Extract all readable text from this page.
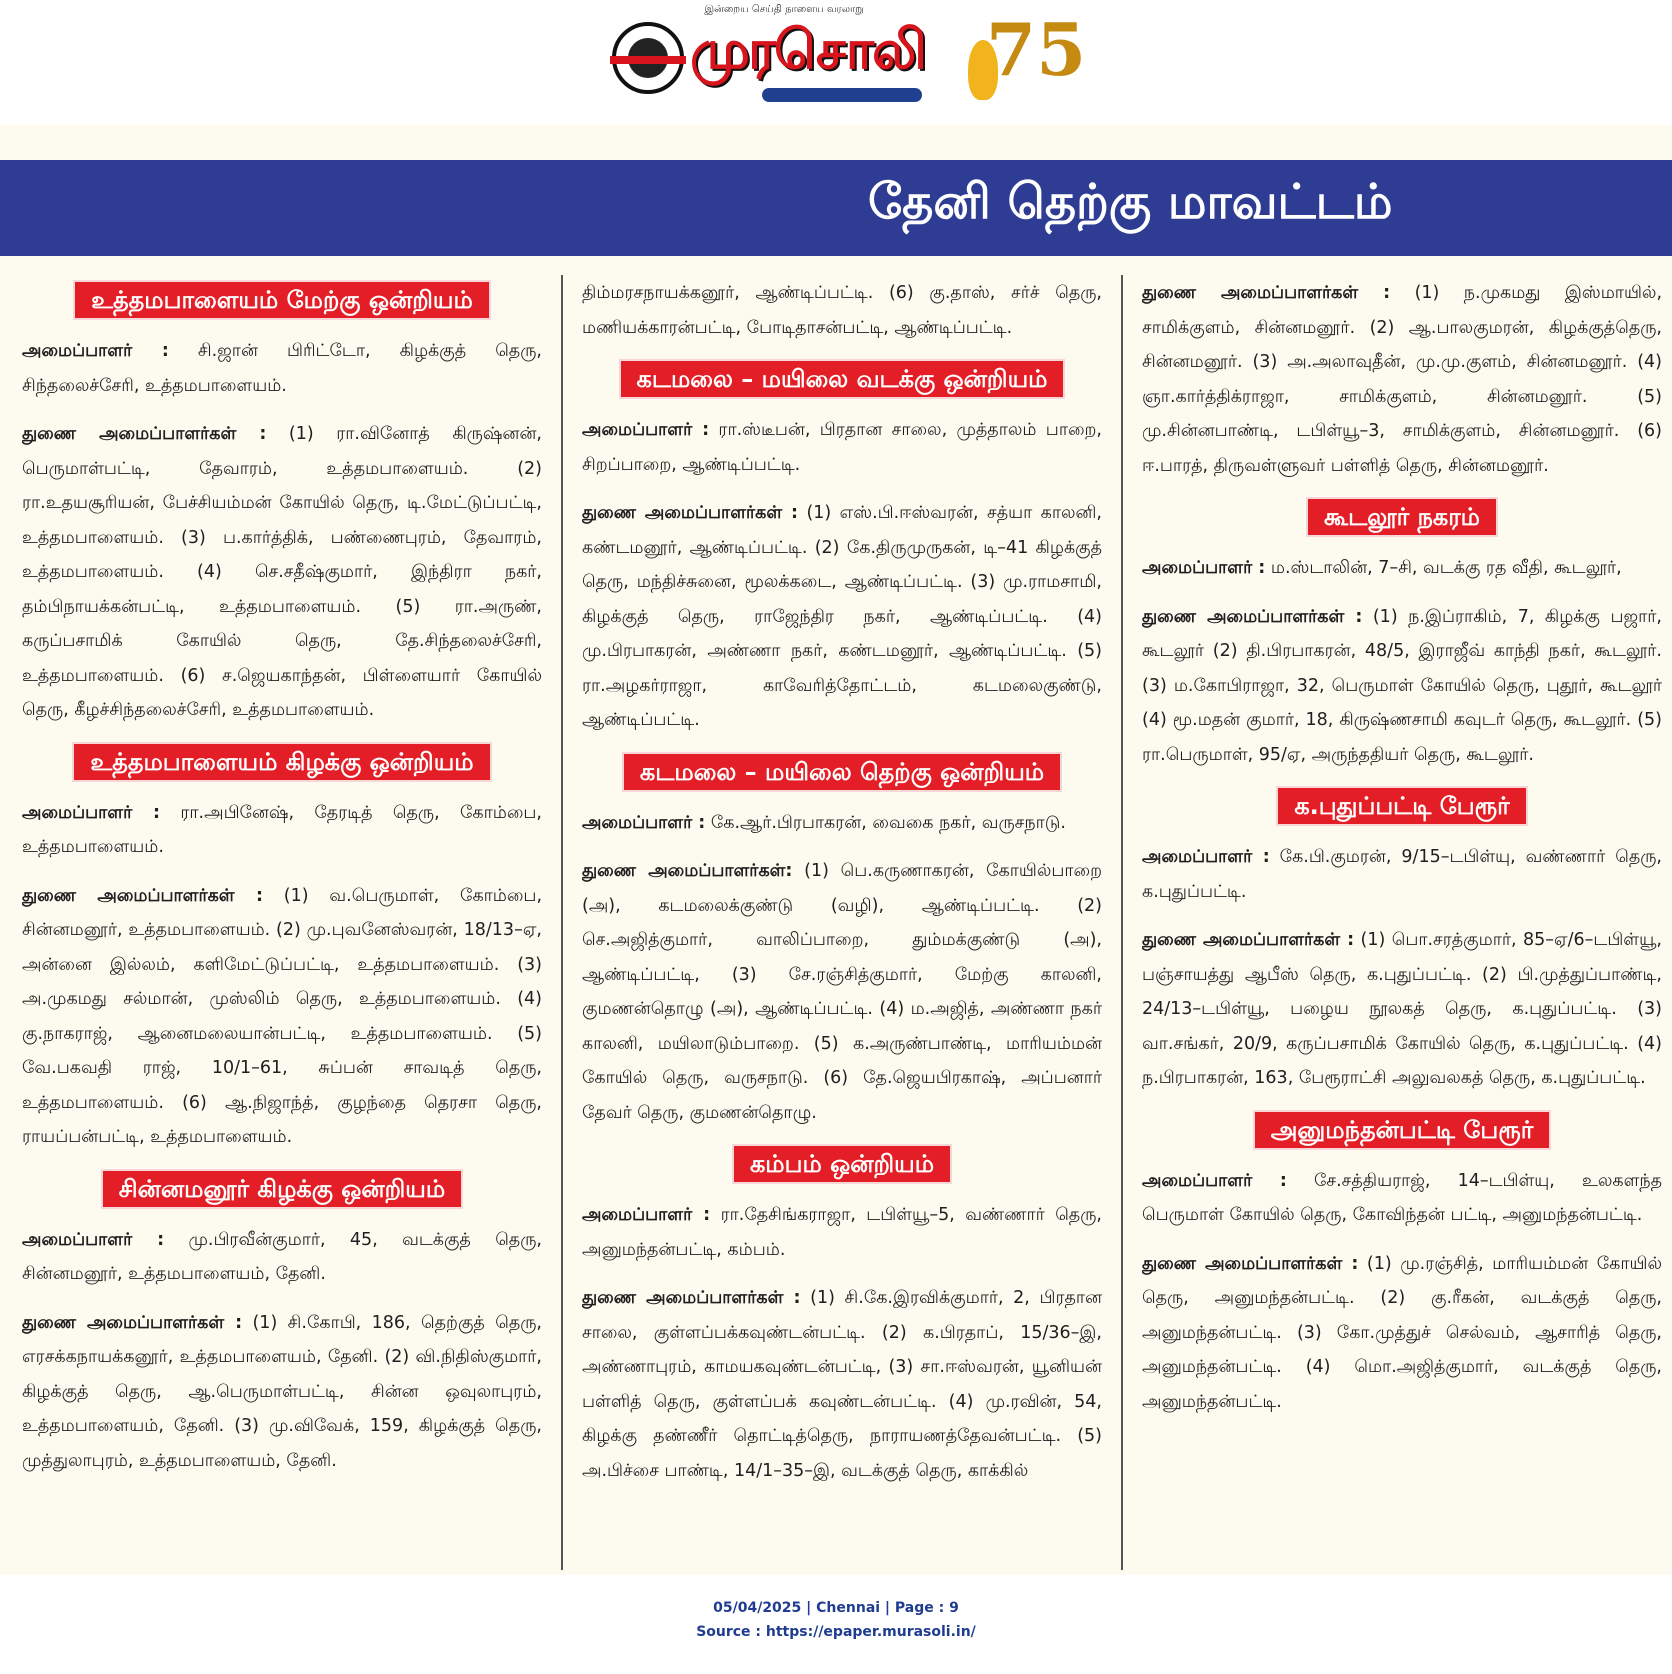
இன்றைய செய்தி நாளைய வரலாறு
முரசொலி 75
தேனி தெற்கு மாவட்டம்
உத்தமபாளையம் மேற்கு ஒன்றியம்

அமைப்பாளர் : சி.ஜான் பிரிட்டோ, கிழக்குத் தெரு, சிந்தலைச்சேரி, உத்தமபாளையம்.

துணை அமைப்பாளர்கள் : (1) ரா.வினோத் கிருஷ்னன், பெருமாள்பட்டி, தேவாரம், உத்தமபாளையம். (2) ரா.உதயசூரியன், பேச்சியம்மன் கோயில் தெரு, டி.மேட்டுப்பட்டி, உத்தமபாளையம். (3) ப.கார்த்திக், பண்ணைபுரம், தேவாரம், உத்தமபாளையம். (4) செ.சதீஷ்குமார், இந்திரா நகர், தம்பிநாயக்கன்பட்டி, உத்தமபாளையம். (5) ரா.அருண், கருப்பசாமிக் கோயில் தெரு, தே.சிந்தலைச்சேரி, உத்தமபாளையம். (6) ச.ஜெயகாந்தன், பிள்ளையார் கோயில் தெரு, கீழச்சிந்தலைச்சேரி, உத்தமபாளையம்.

உத்தமபாளையம் கிழக்கு ஒன்றியம்

அமைப்பாளர் : ரா.அபினேஷ், தேரடித் தெரு, கோம்பை, உத்தமபாளையம்.

துணை அமைப்பாளர்கள் : (1) வ.பெருமாள், கோம்பை, சின்னமனூர், உத்தமபாளையம். (2) மு.புவனேஸ்வரன், 18/13–ஏ, அன்னை இல்லம், களிமேட்டுப்பட்டி, உத்தமபாளையம். (3) அ.முகமது சல்மான், முஸ்லிம் தெரு, உத்தமபாளையம். (4) கு.நாகராஜ், ஆனைமலையான்பட்டி, உத்தமபாளையம். (5) வே.பகவதி ராஜ், 10/1–61, சுப்பன் சாவடித் தெரு, உத்தமபாளையம். (6) ஆ.நிஜாந்த், குழந்தை தெரசா தெரு, ராயப்பன்பட்டி, உத்தமபாளையம்.

சின்னமனூர் கிழக்கு ஒன்றியம்

அமைப்பாளர் : மு.பிரவீன்குமார், 45, வடக்குத் தெரு, சின்னமனூர், உத்தமபாளையம், தேனி.

துணை அமைப்பாளர்கள் : (1) சி.கோபி, 186, தெற்குத் தெரு, எரசக்கநாயக்கனூர், உத்தமபாளையம், தேனி. (2) வி.நிதிஸ்குமார், கிழக்குத் தெரு, ஆ.பெருமாள்பட்டி, சின்ன ஒவுலாபுரம், உத்தமபாளையம், தேனி. (3) மு.விவேக், 159, கிழக்குத் தெரு, முத்துலாபுரம், உத்தமபாளையம், தேனி.

திம்மரசநாயக்கனூர், ஆண்டிப்பட்டி. (6) கு.தாஸ், சர்ச் தெரு, மணியக்காரன்பட்டி, போடிதாசன்பட்டி, ஆண்டிப்பட்டி.

கடமலை – மயிலை வடக்கு ஒன்றியம்

அமைப்பாளர் : ரா.ஸ்டீபன், பிரதான சாலை, முத்தாலம் பாறை, சிறப்பாறை, ஆண்டிப்பட்டி.

துணை அமைப்பாளர்கள் : (1) எஸ்.பி.ஈஸ்வரன், சத்யா காலனி, கண்டமனூர், ஆண்டிப்பட்டி. (2) கே.திருமுருகன், டி–41 கிழக்குத் தெரு, மந்திச்சுனை, மூலக்கடை, ஆண்டிப்பட்டி. (3) மு.ராமசாமி, கிழக்குத் தெரு, ராஜேந்திர நகர், ஆண்டிப்பட்டி. (4) மு.பிரபாகரன், அண்ணா நகர், கண்டமனூர், ஆண்டிப்பட்டி. (5) ரா.அழகர்ராஜா, காவேரித்தோட்டம், கடமலைகுண்டு, ஆண்டிப்பட்டி.

கடமலை – மயிலை தெற்கு ஒன்றியம்

அமைப்பாளர் : கே.ஆர்.பிரபாகரன், வைகை நகர், வருசநாடு.

துணை அமைப்பாளர்கள்: (1) பெ.கருணாகரன், கோயில்பாறை (அ), கடமலைக்குண்டு (வழி), ஆண்டிப்பட்டி. (2) செ.அஜித்குமார், வாலிப்பாறை, தும்மக்குண்டு (அ), ஆண்டிப்பட்டி, (3) சே.ரஞ்சித்குமார், மேற்கு காலனி, குமணன்தொழு (அ), ஆண்டிப்பட்டி. (4) ம.அஜித், அண்ணா நகர் காலனி, மயிலாடும்பாறை. (5) க.அருண்பாண்டி, மாரியம்மன் கோயில் தெரு, வருசநாடு. (6) தே.ஜெயபிரகாஷ், அப்பனார் தேவர் தெரு, குமணன்தொழு.

கம்பம் ஒன்றியம்

அமைப்பாளர் : ரா.தேசிங்கராஜா, டபிள்யூ–5, வண்ணார் தெரு, அனுமந்தன்பட்டி, கம்பம்.

துணை அமைப்பாளர்கள் : (1) சி.கே.இரவிக்குமார், 2, பிரதான சாலை, குள்ளப்பக்கவுண்டன்பட்டி. (2) க.பிரதாப், 15/36–இ, அண்ணாபுரம், காமயகவுண்டன்பட்டி, (3) சா.ஈஸ்வரன், யூனியன் பள்ளித் தெரு, குள்ளப்பக் கவுண்டன்பட்டி. (4) மு.ரவின், 54, கிழக்கு தண்ணீர் தொட்டித்தெரு, நாராயணத்தேவன்பட்டி. (5) அ.பிச்சை பாண்டி, 14/1–35–இ, வடக்குத் தெரு, காக்கில்

துணை அமைப்பாளர்கள் : (1) ந.முகமது இஸ்மாயில், சாமிக்குளம், சின்னமனூர். (2) ஆ.பாலகுமரன், கிழக்குத்தெரு, சின்னமனூர். (3) அ.அலாவுதீன், மு.மு.குளம், சின்னமனூர். (4) ஞா.கார்த்திக்ராஜா, சாமிக்குளம், சின்னமனூர். (5) மு.சின்னபாண்டி, டபிள்யூ–3, சாமிக்குளம், சின்னமனூர். (6) ஈ.பாரத், திருவள்ளுவர் பள்ளித் தெரு, சின்னமனூர்.

கூடலூர் நகரம்

அமைப்பாளர் : ம.ஸ்டாலின், 7–சி, வடக்கு ரத வீதி, கூடலூர்,

துணை அமைப்பாளர்கள் : (1) ந.இப்ராகிம், 7, கிழக்கு பஜார், கூடலூர் (2) தி.பிரபாகரன், 48/5, இராஜீவ் காந்தி நகர், கூடலூர். (3) ம.கோபிராஜா, 32, பெருமாள் கோயில் தெரு, புதூர், கூடலூர் (4) மூ.மதன் குமார், 18, கிருஷ்ணசாமி கவுடர் தெரு, கூடலூர். (5) ரா.பெருமாள், 95/ஏ, அருந்ததியர் தெரு, கூடலூர்.

க.புதுப்பட்டி பேரூர்

அமைப்பாளர் : கே.பி.குமரன், 9/15–டபிள்யு, வண்ணார் தெரு, க.புதுப்பட்டி.

துணை அமைப்பாளர்கள் : (1) பொ.சரத்குமார், 85–ஏ/6–டபிள்யூ, பஞ்சாயத்து ஆபீஸ் தெரு, க.புதுப்பட்டி. (2) பி.முத்துப்பாண்டி, 24/13–டபிள்யூ, பழைய நூலகத் தெரு, க.புதுப்பட்டி. (3) வா.சங்கர், 20/9, கருப்பசாமிக் கோயில் தெரு, க.புதுப்பட்டி. (4) ந.பிரபாகரன், 163, பேரூராட்சி அலுவலகத் தெரு, க.புதுப்பட்டி.

அனுமந்தன்பட்டி பேரூர்

அமைப்பாளர் : சே.சத்தியராஜ், 14–டபிள்யு, உலகளந்த பெருமாள் கோயில் தெரு, கோவிந்தன் பட்டி, அனுமந்தன்பட்டி.

துணை அமைப்பாளர்கள் : (1) மு.ரஞ்சித், மாரியம்மன் கோயில் தெரு, அனுமந்தன்பட்டி. (2) கு.ரீகன், வடக்குத் தெரு, அனுமந்தன்பட்டி. (3) கோ.முத்துச் செல்வம், ஆசாரித் தெரு, அனுமந்தன்பட்டி. (4) மொ.அஜித்குமார், வடக்குத் தெரு, அனுமந்தன்பட்டி.

05/04/2025 | Chennai | Page : 9
Source : https://epaper.murasoli.in/
